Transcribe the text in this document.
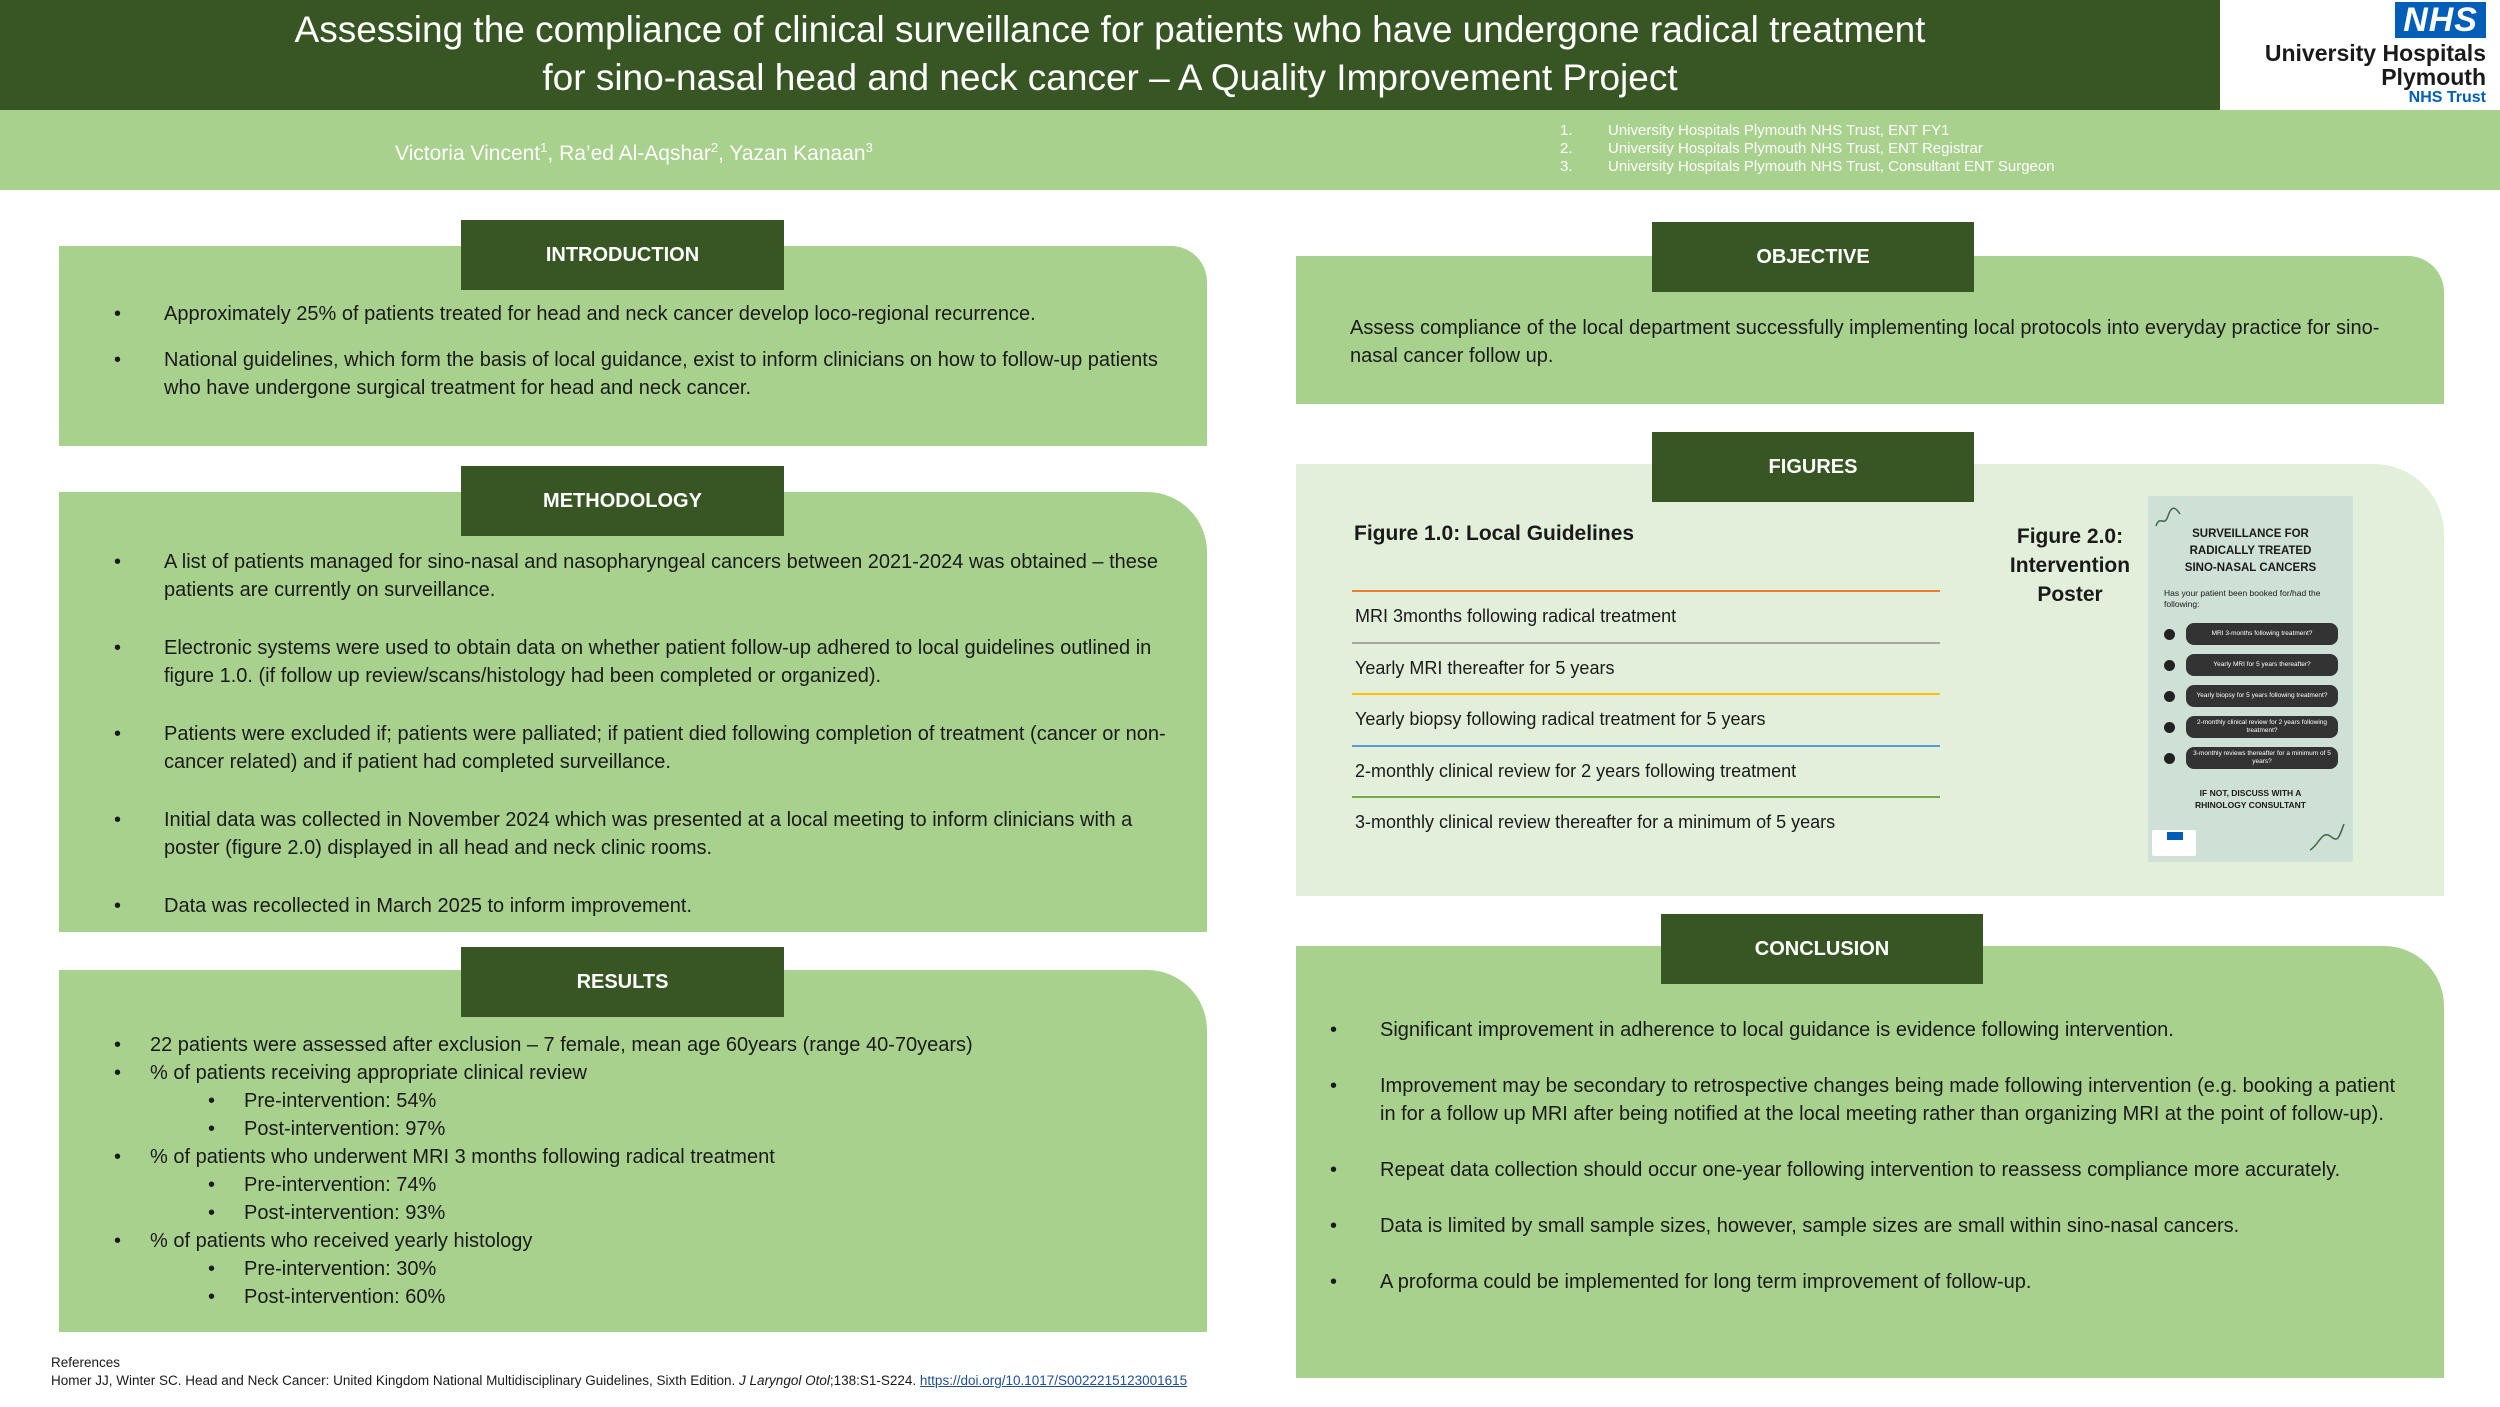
Assessing the compliance of clinical surveillance for patients who have undergone radical treatment
for sino-nasal head and neck cancer – A Quality Improvement Project
NHS
University Hospitals
Plymouth
NHS Trust
Victoria Vincent$^1$, Ra’ed Al-Aqshar$^2$, Yazan Kanaan$^3$
1.	University Hospitals Plymouth NHS Trust, ENT FY1
2.	University Hospitals Plymouth NHS Trust, ENT Registrar
3.	University Hospitals Plymouth NHS Trust, Consultant ENT Surgeon
INTRODUCTION
• Approximately 25% of patients treated for head and neck cancer develop loco-regional recurrence.
• National guidelines, which form the basis of local guidance, exist to inform clinicians on how to follow-up patients who have undergone surgical treatment for head and neck cancer.
METHODOLOGY
• A list of patients managed for sino-nasal and nasopharyngeal cancers between 2021-2024 was obtained – these patients are currently on surveillance.
• Electronic systems were used to obtain data on whether patient follow-up adhered to local guidelines outlined in figure 1.0. (if follow up review/scans/histology had been completed or organized).
• Patients were excluded if; patients were palliated; if patient died following completion of treatment (cancer or non-cancer related) and if patient had completed surveillance.
• Initial data was collected in November 2024 which was presented at a local meeting to inform clinicians with a poster (figure 2.0) displayed in all head and neck clinic rooms.
• Data was recollected in March 2025 to inform improvement.
RESULTS
• 22 patients were assessed after exclusion – 7 female, mean age 60years (range 40-70years)
• % of patients receiving appropriate clinical review
• Pre-intervention: 54%
• Post-intervention: 97%
• % of patients who underwent MRI 3 months following radical treatment
• Pre-intervention: 74%
• Post-intervention: 93%
• % of patients who received yearly histology
• Pre-intervention: 30%
• Post-intervention: 60%
OBJECTIVE
Assess compliance of the local department successfully implementing local protocols into everyday practice for sino-nasal cancer follow up.
FIGURES
Figure 1.0: Local Guidelines
MRI 3months following radical treatment
Yearly MRI thereafter for 5 years
Yearly biopsy following radical treatment for 5 years
2-monthly clinical review for 2 years following treatment
3-monthly clinical review thereafter for a minimum of 5 years
Figure 2.0: Intervention Poster
SURVEILLANCE FOR
RADICALLY TREATED
SINO-NASAL CANCERS
Has your patient been booked for/had the following:
MRI 3-months following treatment?
Yearly MRI for 5 years thereafter?
Yearly biopsy for 5 years following treatment?
2-monthly clinical review for 2 years following treatment?
3-monthly reviews thereafter for a minimum of 5 years?
IF NOT, DISCUSS WITH A
RHINOLOGY CONSULTANT
CONCLUSION
• Significant improvement in adherence to local guidance is evidence following intervention.
• Improvement may be secondary to retrospective changes being made following intervention (e.g. booking a patient in for a follow up MRI after being notified at the local meeting rather than organizing MRI at the point of follow-up).
• Repeat data collection should occur one-year following intervention to reassess compliance more accurately.
• Data is limited by small sample sizes, however, sample sizes are small within sino-nasal cancers.
• A proforma could be implemented for long term improvement of follow-up.
References
Homer JJ, Winter SC. Head and Neck Cancer: United Kingdom National Multidisciplinary Guidelines, Sixth Edition. J Laryngol Otol;138:S1-S224. https://doi.org/10.1017/S0022215123001615
